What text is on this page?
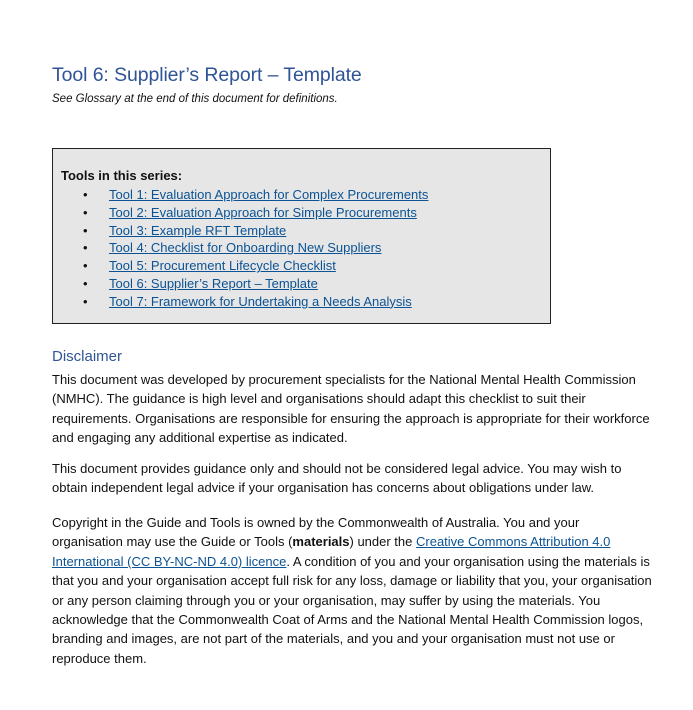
Tool 6: Supplier’s Report – Template

See Glossary at the end of this document for definitions.

Tools in this series:
•	Tool 1: Evaluation Approach for Complex Procurements
•	Tool 2: Evaluation Approach for Simple Procurements
•	Tool 3: Example RFT Template
•	Tool 4: Checklist for Onboarding New Suppliers
•	Tool 5: Procurement Lifecycle Checklist
•	Tool 6: Supplier’s Report – Template
•	Tool 7: Framework for Undertaking a Needs Analysis
Disclaimer

This document was developed by procurement specialists for the National Mental Health Commission (NMHC). The guidance is high level and organisations should adapt this checklist to suit their requirements. Organisations are responsible for ensuring the approach is appropriate for their workforce and engaging any additional expertise as indicated.

This document provides guidance only and should not be considered legal advice. You may wish to obtain independent legal advice if your organisation has concerns about obligations under law.

Copyright in the Guide and Tools is owned by the Commonwealth of Australia. You and your organisation may use the Guide or Tools (materials) under the Creative Commons Attribution 4.0 International (CC BY-NC-ND 4.0) licence. A condition of you and your organisation using the materials is that you and your organisation accept full risk for any loss, damage or liability that you, your organisation or any person claiming through you or your organisation, may suffer by using the materials. You acknowledge that the Commonwealth Coat of Arms and the National Mental Health Commission logos, branding and images, are not part of the materials, and you and your organisation must not use or reproduce them.
